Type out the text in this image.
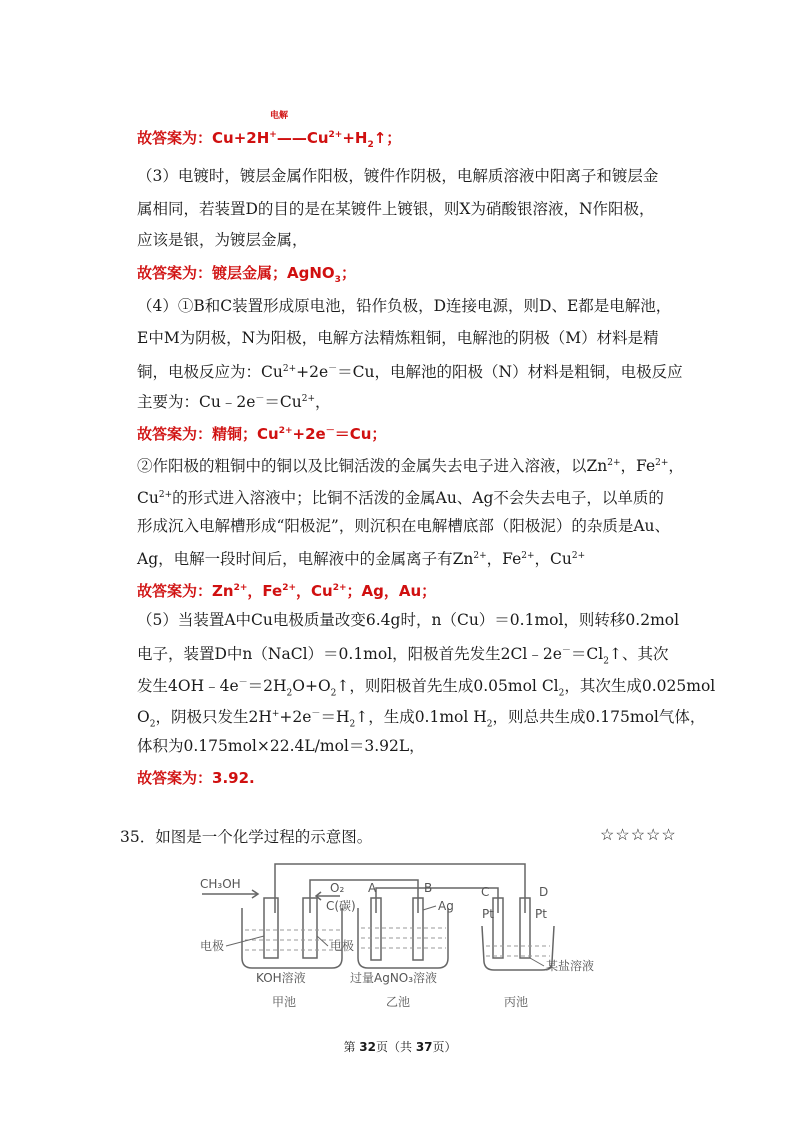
电解
故答案为：$Cu+2H^+——Cu^{2+}+H_2↑$；
（3）电镀时，镀层金属作阳极，镀件作阴极，电解质溶液中阳离子和镀层金
属相同，若装置D的目的是在某镀件上镀银，则X为硝酸银溶液，N作阳极，
应该是银，为镀层金属，
故答案为：镀层金属；AgNO$_3$；
（4）①B和C装置形成原电池，铅作负极，D连接电源，则D、E都是电解池，
E中M为阴极，N为阳极，电解方法精炼粗铜，电解池的阴极（M）材料是精
铜，电极反应为：$Cu^{2+}+2e^-=Cu$，电解池的阳极（N）材料是粗铜，电极反应
主要为：$Cu﹣2e^-=Cu^{2+}$，
故答案为：精铜；$Cu^{2+}+2e^-=Cu$；
②作阳极的粗铜中的铜以及比铜活泼的金属失去电子进入溶液，以$Zn^{2+}$，$Fe^{2+}$，
$Cu^{2+}$的形式进入溶液中；比铜不活泼的金属Au、Ag不会失去电子，以单质的
形成沉入电解槽形成“阳极泥”，则沉积在电解槽底部（阳极泥）的杂质是Au、
Ag，电解一段时间后，电解液中的金属离子有$Zn^{2+}$，$Fe^{2+}$，$Cu^{2+}$
故答案为：$Zn^{2+}$，$Fe^{2+}$，$Cu^{2+}$；Ag，Au；
（5）当装置A中Cu电极质量改变6.4g时，n（Cu）＝0.1mol，则转移0.2mol
电子，装置D中n（NaCl）＝0.1mol，阳极首先发生$2Cl﹣2e^-=Cl_2↑$、其次
发生$4OH﹣4e^-=2H_2O+O_2↑$，则阳极首先生成0.05mol $Cl_2$，其次生成0.025mol
$O_2$，阴极只发生$2H^++2e^-=H_2↑$，生成0.1mol $H_2$，则总共生成0.175mol气体，
体积为0.175mol×22.4L/mol＝3.92L，
故答案为：3.92.
35．如图是一个化学过程的示意图。	☆☆☆☆☆
CH₃OH	O₂
C(碳)
A	B
Ag
C	D
Pt	Pt
电极	电极
KOH溶液	过量AgNO₃溶液
某盐溶液
甲池	乙池	丙池
第 32页（共 37页）
